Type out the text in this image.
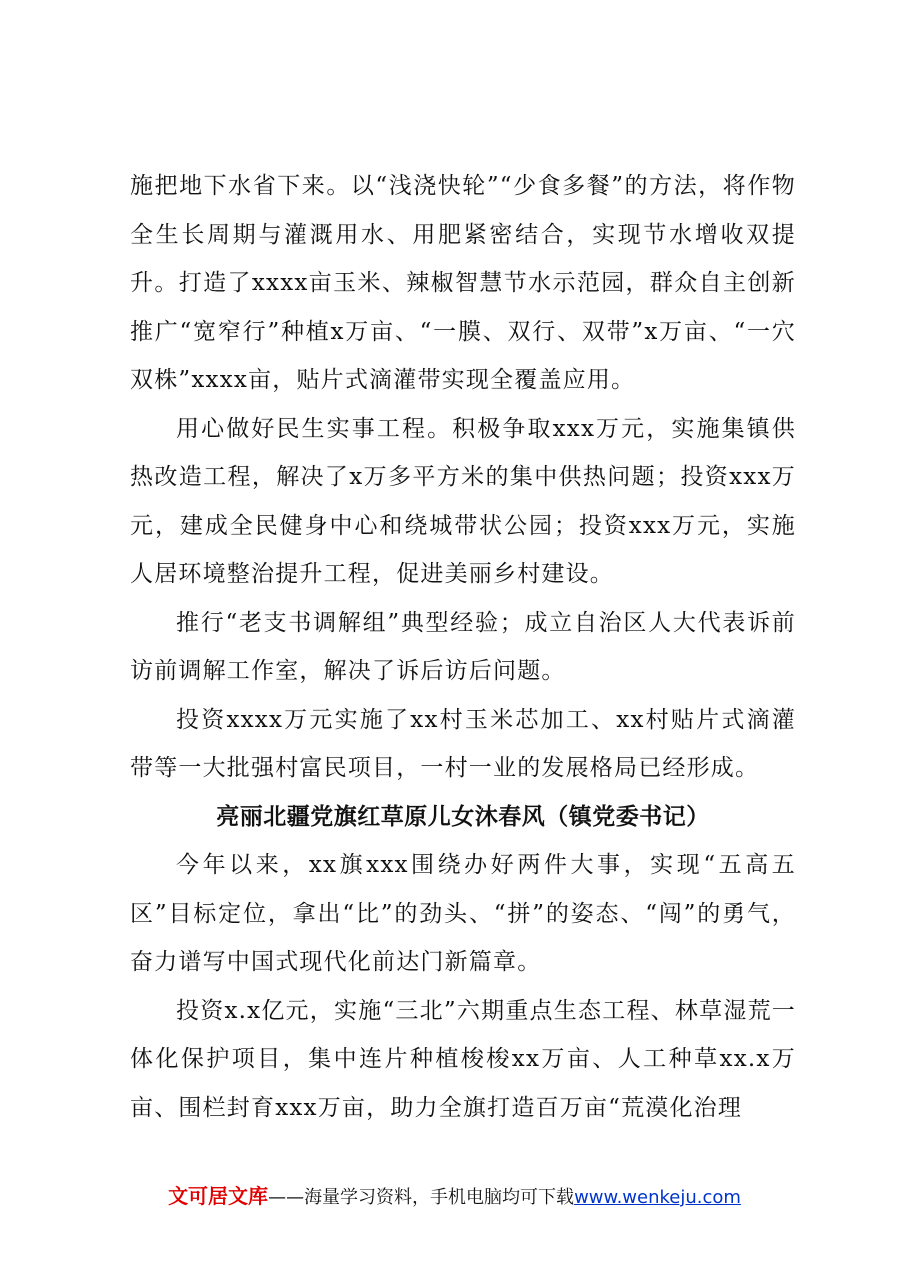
施把地下水省下来。以“浅浇快轮”“少食多餐”的方法，将作物全生长周期与灌溉用水、用肥紧密结合，实现节水增收双提升。打造了xxxx亩玉米、辣椒智慧节水示范园，群众自主创新推广“宽窄行”种植x万亩、“一膜、双行、双带”x万亩、“一穴双株”xxxx亩，贴片式滴灌带实现全覆盖应用。

用心做好民生实事工程。积极争取xxx万元，实施集镇供热改造工程，解决了x万多平方米的集中供热问题；投资xxx万元，建成全民健身中心和绕城带状公园；投资xxx万元，实施人居环境整治提升工程，促进美丽乡村建设。

推行“老支书调解组”典型经验；成立自治区人大代表诉前访前调解工作室，解决了诉后访后问题。

投资xxxx万元实施了xx村玉米芯加工、xx村贴片式滴灌带等一大批强村富民项目，一村一业的发展格局已经形成。

亮丽北疆党旗红草原儿女沐春风（镇党委书记）

今年以来，xx旗xxx围绕办好两件大事，实现“五高五区”目标定位，拿出“比”的劲头、“拼”的姿态、“闯”的勇气，奋力谱写中国式现代化前达门新篇章。

投资x.x亿元，实施“三北”六期重点生态工程、林草湿荒一体化保护项目，集中连片种植梭梭xx万亩、人工种草xx.x万亩、围栏封育xxx万亩，助力全旗打造百万亩“荒漠化治理

文可居文库——海量学习资料，手机电脑均可下载www.wenkeju.com
